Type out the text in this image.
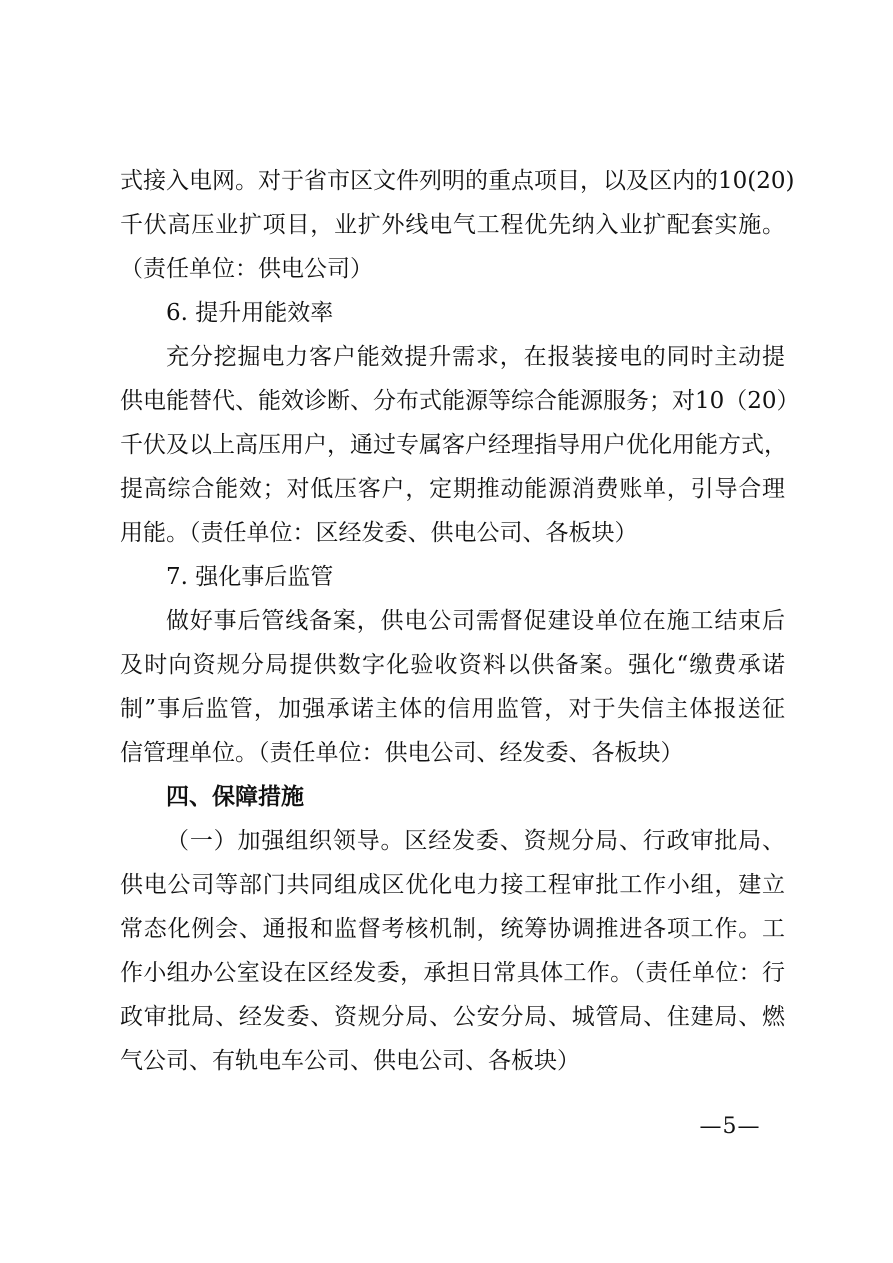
式接入电网。对于省市区文件列明的重点项目，以及区内的10(20)
千伏高压业扩项目，业扩外线电气工程优先纳入业扩配套实施。
（责任单位：供电公司）
6. 提升用能效率
充分挖掘电力客户能效提升需求，在报装接电的同时主动提
供电能替代、能效诊断、分布式能源等综合能源服务；对10（20）
千伏及以上高压用户，通过专属客户经理指导用户优化用能方式，
提高综合能效；对低压客户，定期推动能源消费账单，引导合理
用能。（责任单位：区经发委、供电公司、各板块）
7. 强化事后监管
做好事后管线备案，供电公司需督促建设单位在施工结束后
及时向资规分局提供数字化验收资料以供备案。强化“缴费承诺
制”事后监管，加强承诺主体的信用监管，对于失信主体报送征
信管理单位。（责任单位：供电公司、经发委、各板块）
四、保障措施
（一）加强组织领导。区经发委、资规分局、行政审批局、
供电公司等部门共同组成区优化电力接工程审批工作小组，建立
常态化例会、通报和监督考核机制，统筹协调推进各项工作。工
作小组办公室设在区经发委，承担日常具体工作。（责任单位：行
政审批局、经发委、资规分局、公安分局、城管局、住建局、燃
气公司、有轨电车公司、供电公司、各板块）
—5—
